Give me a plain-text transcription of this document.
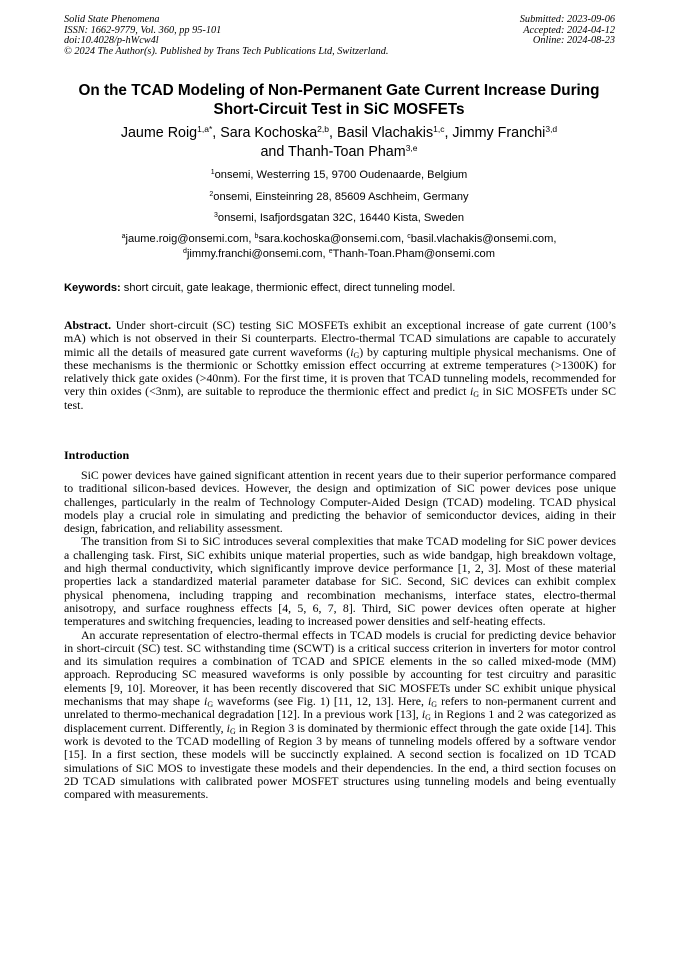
Solid State Phenomena
ISSN: 1662-9779, Vol. 360, pp 95-101
doi:10.4028/p-hWcw4l
© 2024 The Author(s). Published by Trans Tech Publications Ltd, Switzerland.
Submitted: 2023-09-06
Accepted: 2024-04-12
Online: 2024-08-23
On the TCAD Modeling of Non-Permanent Gate Current Increase During
Short-Circuit Test in SiC MOSFETs
Jaume Roig$^{1,a*}$, Sara Kochoska$^{2,b}$, Basil Vlachakis$^{1,c}$, Jimmy Franchi$^{3,d}$
and Thanh-Toan Pham$^{3,e}$
$^1$onsemi, Westerring 15, 9700 Oudenaarde, Belgium
$^2$onsemi, Einsteinring 28, 85609 Aschheim, Germany
$^3$onsemi, Isafjordsgatan 32C, 16440 Kista, Sweden
$^a$jaume.roig@onsemi.com, $^b$sara.kochoska@onsemi.com, $^c$basil.vlachakis@onsemi.com,
$^d$jimmy.franchi@onsemi.com, $^e$Thanh-Toan.Pham@onsemi.com
Keywords: short circuit, gate leakage, thermionic effect, direct tunneling model.
Abstract. Under short-circuit (SC) testing SiC MOSFETs exhibit an exceptional increase of gate current (100’s mA) which is not observed in their Si counterparts. Electro-thermal TCAD simulations are capable to accurately mimic all the details of measured gate current waveforms $(i_G)$ by capturing multiple physical mechanisms. One of these mechanisms is the thermionic or Schottky emission effect occurring at extreme temperatures (>1300K) for relatively thick gate oxides (>40nm). For the first time, it is proven that TCAD tunneling models, recommended for very thin oxides (<3nm), are suitable to reproduce the thermionic effect and predict $i_G$ in SiC MOSFETs under SC test.
Introduction

SiC power devices have gained significant attention in recent years due to their superior performance compared to traditional silicon-based devices. However, the design and optimization of SiC power devices pose unique challenges, particularly in the realm of Technology Computer-Aided Design (TCAD) modeling. TCAD physical models play a crucial role in simulating and predicting the behavior of semiconductor devices, aiding in their design, fabrication, and reliability assessment.

The transition from Si to SiC introduces several complexities that make TCAD modeling for SiC power devices a challenging task. First, SiC exhibits unique material properties, such as wide bandgap, high breakdown voltage, and high thermal conductivity, which significantly improve device performance [1, 2, 3]. Most of these material properties lack a standardized material parameter database for SiC. Second, SiC devices can exhibit complex physical phenomena, including trapping and recombination mechanisms, interface states, electro-thermal anisotropy, and surface roughness effects [4, 5, 6, 7, 8]. Third, SiC power devices often operate at higher temperatures and switching frequencies, leading to increased power densities and self-heating effects.

An accurate representation of electro-thermal effects in TCAD models is crucial for predicting device behavior in short-circuit (SC) test. SC withstanding time (SCWT) is a critical success criterion in inverters for motor control and its simulation requires a combination of TCAD and SPICE elements in the so called mixed-mode (MM) approach. Reproducing SC measured waveforms is only possible by accounting for test circuitry and parasitic elements [9, 10]. Moreover, it has been recently discovered that SiC MOSFETs under SC exhibit unique physical mechanisms that may shape $i_G$ waveforms (see Fig. 1) [11, 12, 13]. Here, $i_G$ refers to non-permanent current and unrelated to thermo-mechanical degradation [12]. In a previous work [13], $i_G$ in Regions 1 and 2 was categorized as displacement current. Differently, $i_G$ in Region 3 is dominated by thermionic effect through the gate oxide [14]. This work is devoted to the TCAD modelling of Region 3 by means of tunneling models offered by a software vendor [15]. In a first section, these models will be succinctly explained. A second section is focalized on 1D TCAD simulations of SiC MOS to investigate these models and their dependencies. In the end, a third section focuses on 2D TCAD simulations with calibrated power MOSFET structures using tunneling models and being eventually compared with measurements.
